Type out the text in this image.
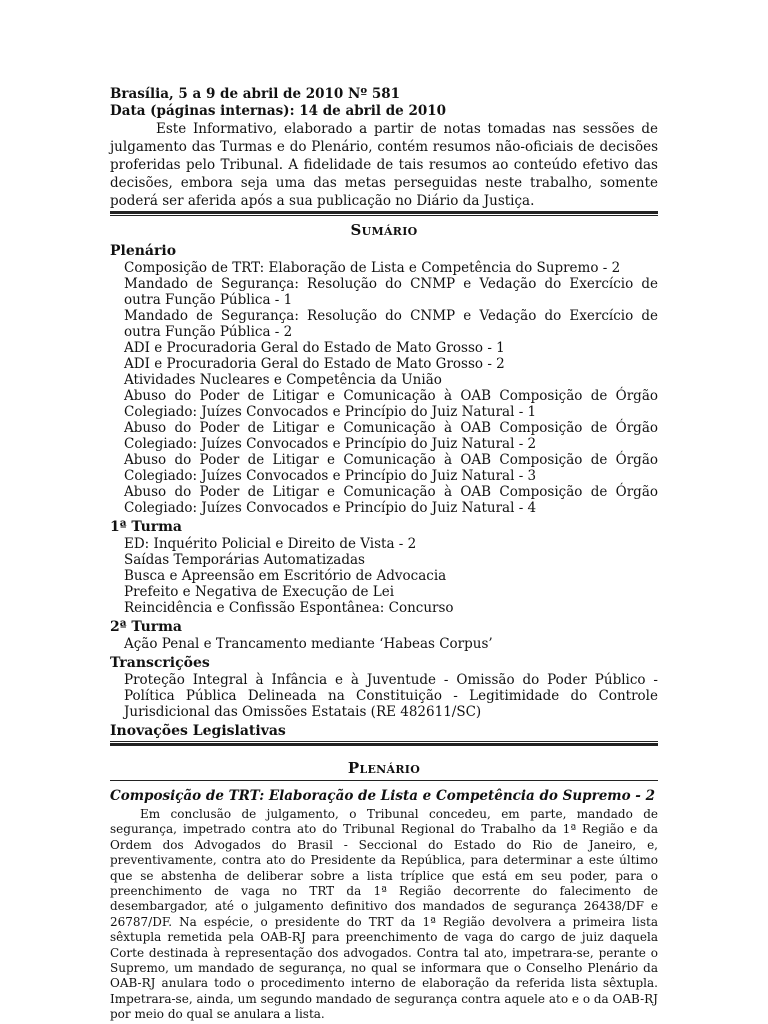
Brasília, 5 a 9 de abril de 2010 Nº 581

Data (páginas internas): 14 de abril de 2010

Este Informativo, elaborado a partir de notas tomadas nas sessões de julgamento das Turmas e do Plenário, contém resumos não-oficiais de decisões proferidas pelo Tribunal. A fidelidade de tais resumos ao conteúdo efetivo das decisões, embora seja uma das metas perseguidas neste trabalho, somente poderá ser aferida após a sua publicação no Diário da Justiça.

Sumário
Plenário
Composição de TRT: Elaboração de Lista e Competência do Supremo - 2
Mandado de Segurança: Resolução do CNMP e Vedação do Exercício de outra Função Pública - 1
Mandado de Segurança: Resolução do CNMP e Vedação do Exercício de outra Função Pública - 2
ADI e Procuradoria Geral do Estado de Mato Grosso - 1
ADI e Procuradoria Geral do Estado de Mato Grosso - 2
Atividades Nucleares e Competência da União
Abuso do Poder de Litigar e Comunicação à OAB Composição de Órgão Colegiado: Juízes Convocados e Princípio do Juiz Natural - 1
Abuso do Poder de Litigar e Comunicação à OAB Composição de Órgão Colegiado: Juízes Convocados e Princípio do Juiz Natural - 2
Abuso do Poder de Litigar e Comunicação à OAB Composição de Órgão Colegiado: Juízes Convocados e Princípio do Juiz Natural - 3
Abuso do Poder de Litigar e Comunicação à OAB Composição de Órgão Colegiado: Juízes Convocados e Princípio do Juiz Natural - 4
1ª Turma
ED: Inquérito Policial e Direito de Vista - 2
Saídas Temporárias Automatizadas
Busca e Apreensão em Escritório de Advocacia
Prefeito e Negativa de Execução de Lei
Reincidência e Confissão Espontânea: Concurso
2ª Turma
Ação Penal e Trancamento mediante ‘Habeas Corpus’
Transcrições
Proteção Integral à Infância e à Juventude - Omissão do Poder Público - Política Pública Delineada na Constituição - Legitimidade do Controle Jurisdicional das Omissões Estatais (RE 482611/SC)
Inovações Legislativas
Plenário

Composição de TRT: Elaboração de Lista e Competência do Supremo - 2

Em conclusão de julgamento, o Tribunal concedeu, em parte, mandado de segurança, impetrado contra ato do Tribunal Regional do Trabalho da 1ª Região e da Ordem dos Advogados do Brasil - Seccional do Estado do Rio de Janeiro, e, preventivamente, contra ato do Presidente da República, para determinar a este último que se abstenha de deliberar sobre a lista tríplice que está em seu poder, para o preenchimento de vaga no TRT da 1ª Região decorrente do falecimento de desembargador, até o julgamento definitivo dos mandados de segurança 26438/DF e 26787/DF. Na espécie, o presidente do TRT da 1ª Região devolvera a primeira lista sêxtupla remetida pela OAB-RJ para preenchimento de vaga do cargo de juiz daquela Corte destinada à representação dos advogados. Contra tal ato, impetrara-se, perante o Supremo, um mandado de segurança, no qual se informara que o Conselho Plenário da OAB-RJ anulara todo o procedimento interno de elaboração da referida lista sêxtupla. Impetrara-se, ainda, um segundo mandado de segurança contra aquele ato e o da OAB-RJ por meio do qual se anulara a lista.
